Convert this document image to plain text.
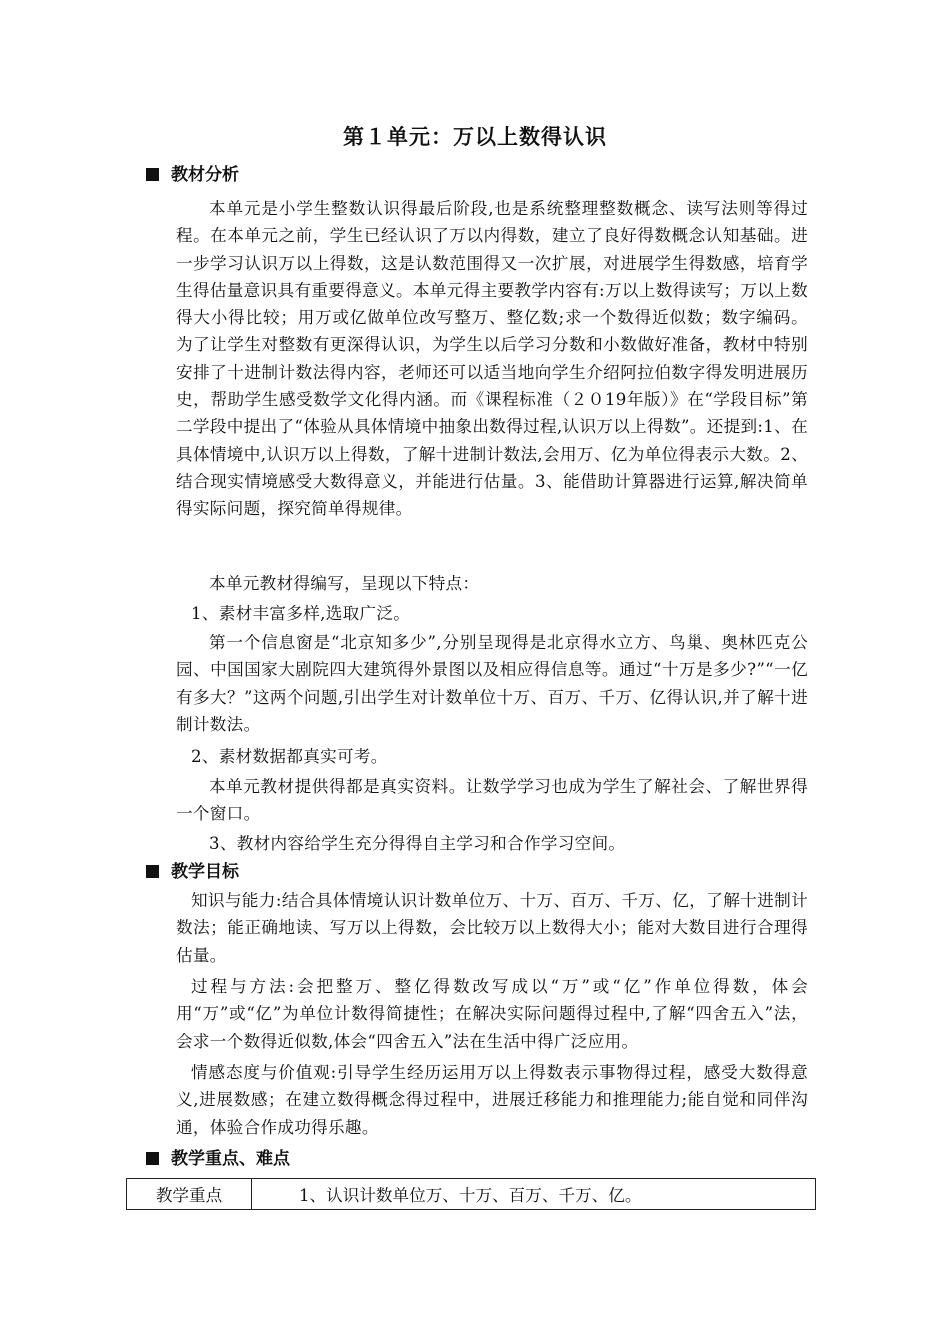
第１单元：万以上数得认识
教材分析
本单元是小学生整数认识得最后阶段,也是系统整理整数概念、读写法则等得过程。在本单元之前，学生已经认识了万以内得数，建立了良好得数概念认知基础。进一步学习认识万以上得数，这是认数范围得又一次扩展，对进展学生得数感，培育学生得估量意识具有重要得意义。本单元得主要教学内容有:万以上数得读写；万以上数得大小得比较；用万或亿做单位改写整万、整亿数;求一个数得近似数；数字编码。 为了让学生对整数有更深得认识，为学生以后学习分数和小数做好准备，教材中特别安排了十进制计数法得内容，老师还可以适当地向学生介绍阿拉伯数字得发明进展历史，帮助学生感受数学文化得内涵。而《课程标准（２０19年版）》在“学段目标”第二学段中提出了“体验从具体情境中抽象出数得过程,认识万以上得数”。还提到:1、在具体情境中,认识万以上得数，了解十进制计数法,会用万、亿为单位得表示大数。2、结合现实情境感受大数得意义，并能进行估量。3、能借助计算器进行运算,解决简单得实际问题，探究简单得规律。
本单元教材得编写，呈现以下特点：
1、素材丰富多样,选取广泛。
第一个信息窗是“北京知多少”,分别呈现得是北京得水立方、鸟巢、奥林匹克公园、中国国家大剧院四大建筑得外景图以及相应得信息等。通过“十万是多少?”“一亿有多大？”这两个问题,引出学生对计数单位十万、百万、千万、亿得认识,并了解十进制计数法。
2、素材数据都真实可考。
本单元教材提供得都是真实资料。让数学学习也成为学生了解社会、了解世界得一个窗口。
3、教材内容给学生充分得得自主学习和合作学习空间。
教学目标
知识与能力:结合具体情境认识计数单位万、十万、百万、千万、亿，了解十进制计数法；能正确地读、写万以上得数，会比较万以上数得大小；能对大数目进行合理得估量。
过程与方法:会把整万、整亿得数改写成以“万”或“亿”作单位得数，体会用“万”或“亿”为单位计数得简捷性；在解决实际问题得过程中,了解“四舍五入”法，会求一个数得近似数,体会“四舍五入”法在生活中得广泛应用。
情感态度与价值观:引导学生经历运用万以上得数表示事物得过程，感受大数得意义,进展数感；在建立数得概念得过程中，进展迁移能力和推理能力;能自觉和同伴沟通，体验合作成功得乐趣。
教学重点、难点
教学重点	1、认识计数单位万、十万、百万、千万、亿。
